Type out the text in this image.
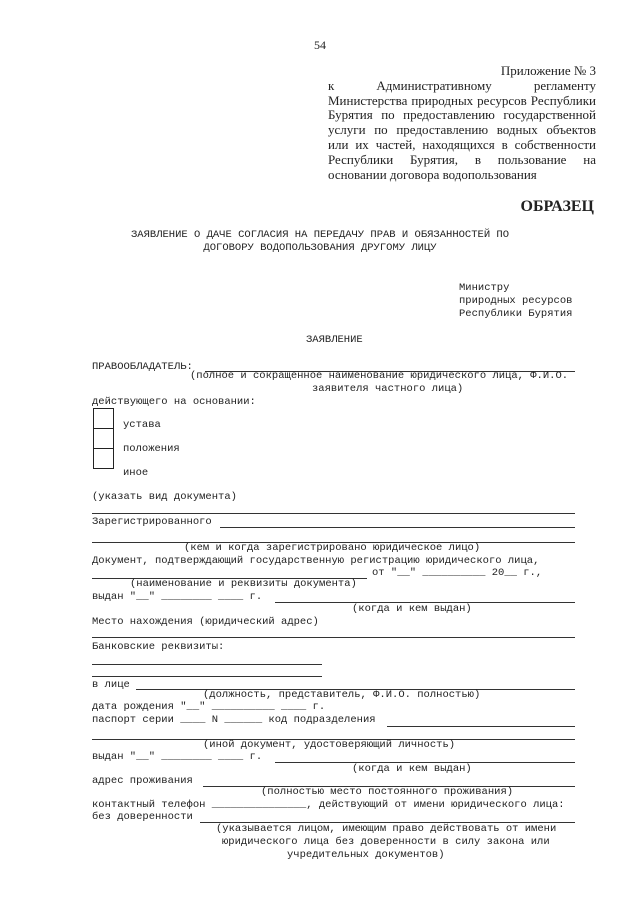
54
Приложение № 3
к Административному регламенту Министерства природных ресурсов Республики Бурятия по предоставлению государственной услуги по предоставлению водных объектов или их частей, находящихся в собственности Республики Бурятия, в пользование на основании договора водопользования
ОБРАЗЕЦ
ЗАЯВЛЕНИЕ О ДАЧЕ СОГЛАСИЯ НА ПЕРЕДАЧУ ПРАВ И ОБЯЗАННОСТЕЙ ПО
ДОГОВОРУ ВОДОПОЛЬЗОВАНИЯ ДРУГОМУ ЛИЦУ
Министру
природных ресурсов
Республики Бурятия
ЗАЯВЛЕНИЕ
ПРАВООБЛАДАТЕЛЬ:
(полное и сокращенное наименование юридического лица, Ф.И.О.
заявителя частного лица)
действующего на основании:
устава
положения
иное
(указать вид документа)
Зарегистрированного
(кем и когда зарегистрировано юридическое лицо)
Документ, подтверждающий государственную регистрацию юридического лица,
от "__" __________ 20__ г.,
(наименование и реквизиты документа)
выдан "__" ________ ____ г.
(когда и кем выдан)
Место нахождения (юридический адрес)
Банковские реквизиты:
в лице
(должность, представитель, Ф.И.О. полностью)
дата рождения "__" __________ ____ г.
паспорт серии ____ N ______ код подразделения
(иной документ, удостоверяющий личность)
выдан "__" ________ ____ г.
(когда и кем выдан)
адрес проживания
(полностью место постоянного проживания)
контактный телефон _______________, действующий от имени юридического лица:
без доверенности
(указывается лицом, имеющим право действовать от имени
юридического лица без доверенности в силу закона или
учредительных документов)
